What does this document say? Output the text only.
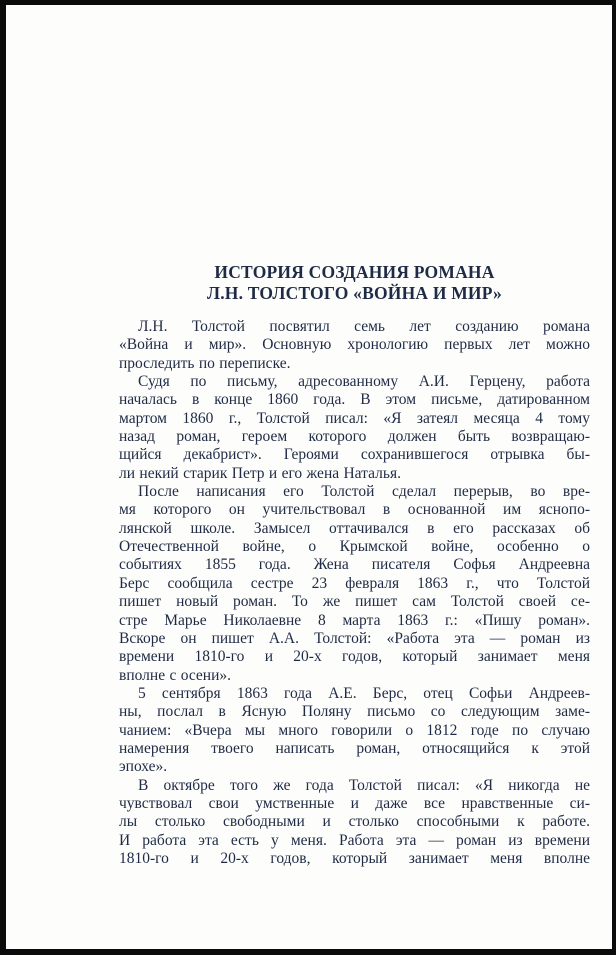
ИСТОРИЯ СОЗДАНИЯ РОМАНА
Л.Н. ТОЛСТОГО «ВОЙНА И МИР»
Л.Н. Толстой посвятил семь лет созданию романа
«Война и мир». Основную хронологию первых лет можно
проследить по переписке.
Судя по письму, адресованному А.И. Герцену, работа
началась в конце 1860 года. В этом письме, датированном
мартом 1860 г., Толстой писал: «Я затеял месяца 4 тому
назад роман, героем которого должен быть возвращаю-
щийся декабрист». Героями сохранившегося отрывка бы-
ли некий старик Петр и его жена Наталья.
После написания его Толстой сделал перерыв, во вре-
мя которого он учительствовал в основанной им яснопо-
лянской школе. Замысел оттачивался в его рассказах об
Отечественной войне, о Крымской войне, особенно о
событиях 1855 года. Жена писателя Софья Андреевна
Берс сообщила сестре 23 февраля 1863 г., что Толстой
пишет новый роман. То же пишет сам Толстой своей се-
стре Марье Николаевне 8 марта 1863 г.: «Пишу роман».
Вскоре он пишет А.А. Толстой: «Работа эта — роман из
времени 1810-го и 20-х годов, который занимает меня
вполне с осени».
5 сентября 1863 года А.Е. Берс, отец Софьи Андреев-
ны, послал в Ясную Поляну письмо со следующим заме-
чанием: «Вчера мы много говорили о 1812 годе по случаю
намерения твоего написать роман, относящийся к этой
эпохе».
В октябре того же года Толстой писал: «Я никогда не
чувствовал свои умственные и даже все нравственные си-
лы столько свободными и столько способными к работе.
И работа эта есть у меня. Работа эта — роман из времени
1810-го и 20-х годов, который занимает меня вполне
